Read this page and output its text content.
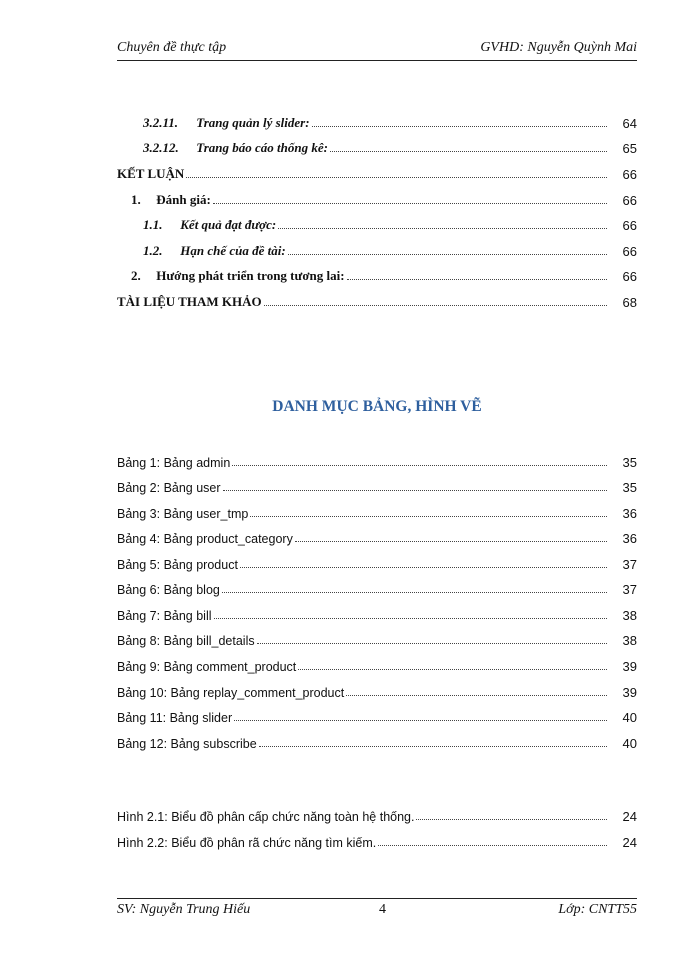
Chuyên đề thực tập	GVHD: Nguyễn Quỳnh Mai
3.2.11. Trang quản lý slider:	64
3.2.12. Trang báo cáo thống kê:	65
KẾT LUẬN	66
1. Đánh giá:	66
1.1. Kết quả đạt được:	66
1.2. Hạn chế của đề tài:	66
2. Hướng phát triển trong tương lai:	66
TÀI LIỆU THAM KHẢO	68
DANH MỤC BẢNG, HÌNH VẼ
Bảng 1: Bảng admin	35
Bảng 2: Bảng user	35
Bảng 3: Bảng user_tmp	36
Bảng 4: Bảng product_category	36
Bảng 5: Bảng product	37
Bảng 6: Bảng blog	37
Bảng 7: Bảng bill	38
Bảng 8: Bảng bill_details	38
Bảng 9: Bảng comment_product	39
Bảng 10: Bảng replay_comment_product	39
Bảng 11: Bảng slider	40
Bảng 12: Bảng subscribe	40
Hình 2.1: Biểu đồ phân cấp chức năng toàn hệ thống.	24
Hình 2.2: Biểu đồ phân rã chức năng tìm kiếm.	24
SV: Nguyễn Trung Hiếu	4	Lớp: CNTT55
